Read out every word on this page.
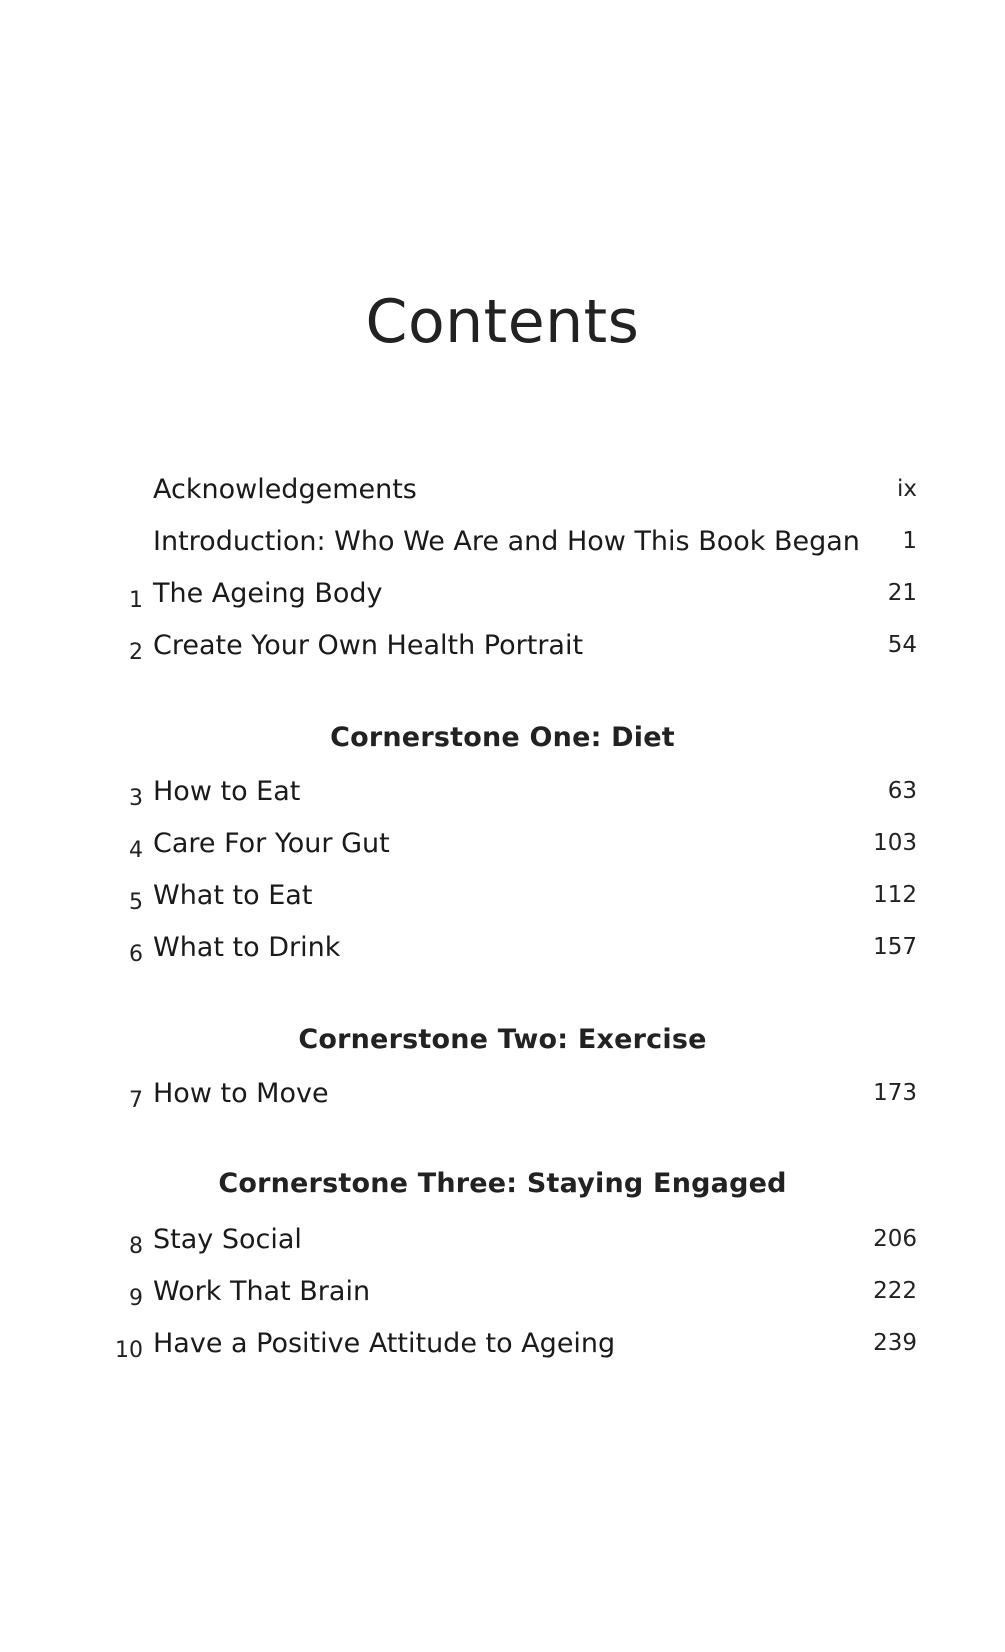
Contents
Acknowledgements	ix
Introduction: Who We Are and How This Book Began 1
1 The Ageing Body	21
2 Create Your Own Health Portrait	54
Cornerstone One: Diet
3 How to Eat	63
4 Care For Your Gut	103
5 What to Eat	112
6 What to Drink	157
Cornerstone Two: Exercise
7 How to Move	173
Cornerstone Three: Staying Engaged
8 Stay Social	206
9 Work That Brain	222
10 Have a Positive Attitude to Ageing	239
